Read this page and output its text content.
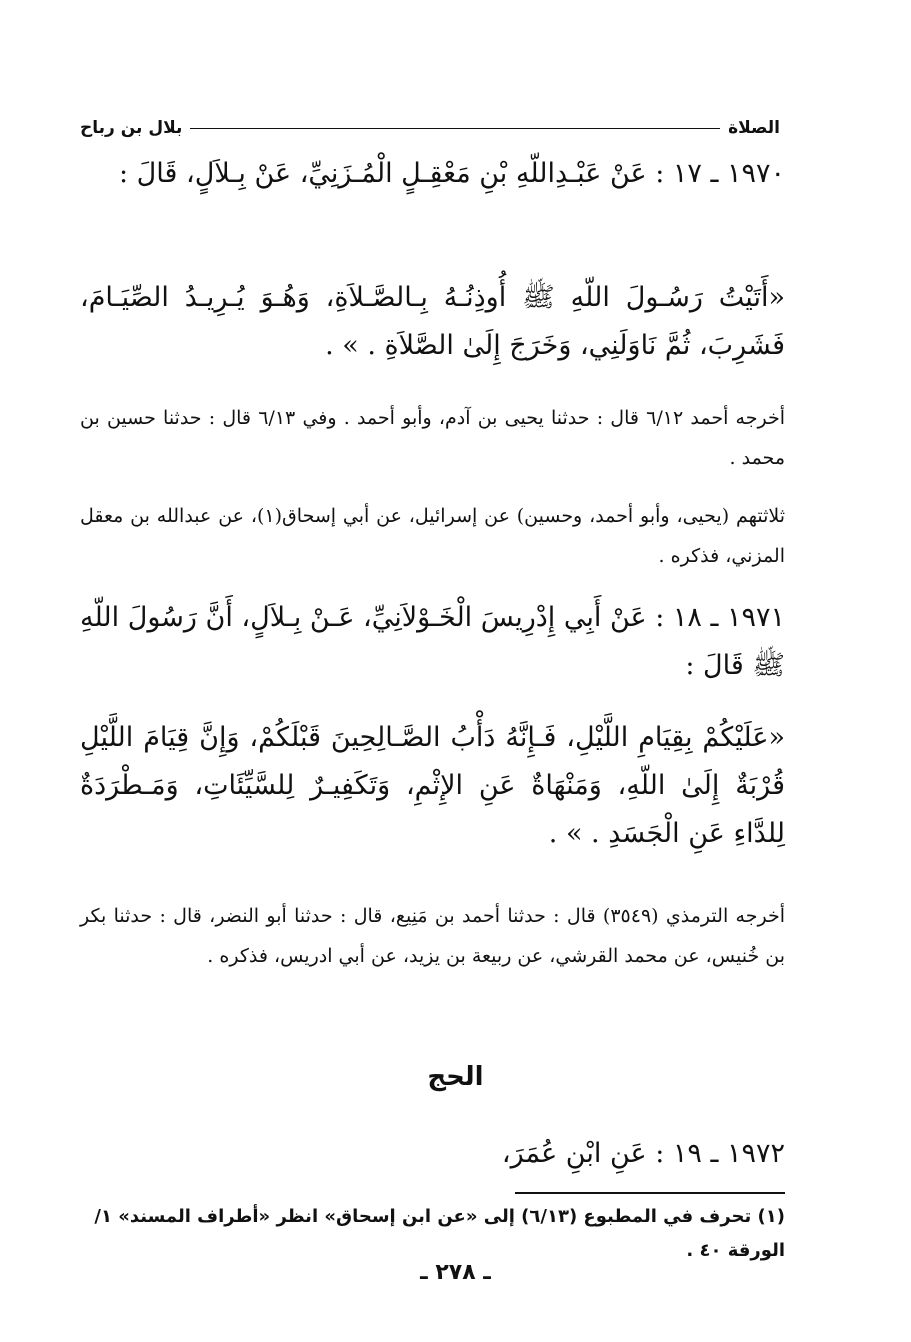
الصلاة
بلال بن رباح

١٩٧٠ ـ ١٧ : عَنْ عَبْـدِاللّهِ بْنِ مَعْقِـلٍ الْمُـزَنِيِّ، عَنْ بِـلاَلٍ، قَالَ :

«أَتَيْتُ رَسُـولَ اللّهِ ﷺ أُوذِنُـهُ بِـالصَّـلاَةِ، وَهُـوَ يُـرِيـدُ الصِّيَـامَ، فَشَرِبَ، ثُمَّ نَاوَلَنِي، وَخَرَجَ إِلَىٰ الصَّلاَةِ . » .

أخرجه أحمد ٦/١٢ قال : حدثنا يحيى بن آدم، وأبو أحمد . وفي ٦/١٣ قال : حدثنا حسين بن محمد .

ثلاثتهم (يحيى، وأبو أحمد، وحسين) عن إسرائيل، عن أبي إسحاق(١)، عن عبدالله بن معقل المزني، فذكره .

١٩٧١ ـ ١٨ : عَنْ أَبِي إِدْرِيسَ الْخَـوْلاَنِيِّ، عَـنْ بِـلاَلٍ، أَنَّ رَسُولَ اللّهِ ﷺ قَالَ :

«عَلَيْكُمْ بِقِيَامِ اللَّيْلِ، فَـإِنَّهُ دَأْبُ الصَّـالِحِينَ قَبْلَكُمْ، وَإِنَّ قِيَامَ اللَّيْلِ قُرْبَةٌ إِلَىٰ اللّهِ، وَمَنْهَاةٌ عَنِ الإِثْمِ، وَتَكَفِيـرٌ لِلسَّيِّئَاتِ، وَمَـطْرَدَةٌ لِلدَّاءِ عَنِ الْجَسَدِ . » .

أخرجه الترمذي (٣٥٤٩) قال : حدثنا أحمد بن مَنِيع، قال : حدثنا أبو النضر، قال : حدثنا بكر بن خُنيس، عن محمد القرشي، عن ربيعة بن يزيد، عن أبي ادريس، فذكره .

الحج

١٩٧٢ ـ ١٩ : عَنِ ابْنِ عُمَرَ،

(١) تحرف في المطبوع (٦/١٣) إلى «عن ابن إسحاق» انظر «أطراف المسند» ١/الورقة ٤٠ .

ـ ٢٧٨ ـ
